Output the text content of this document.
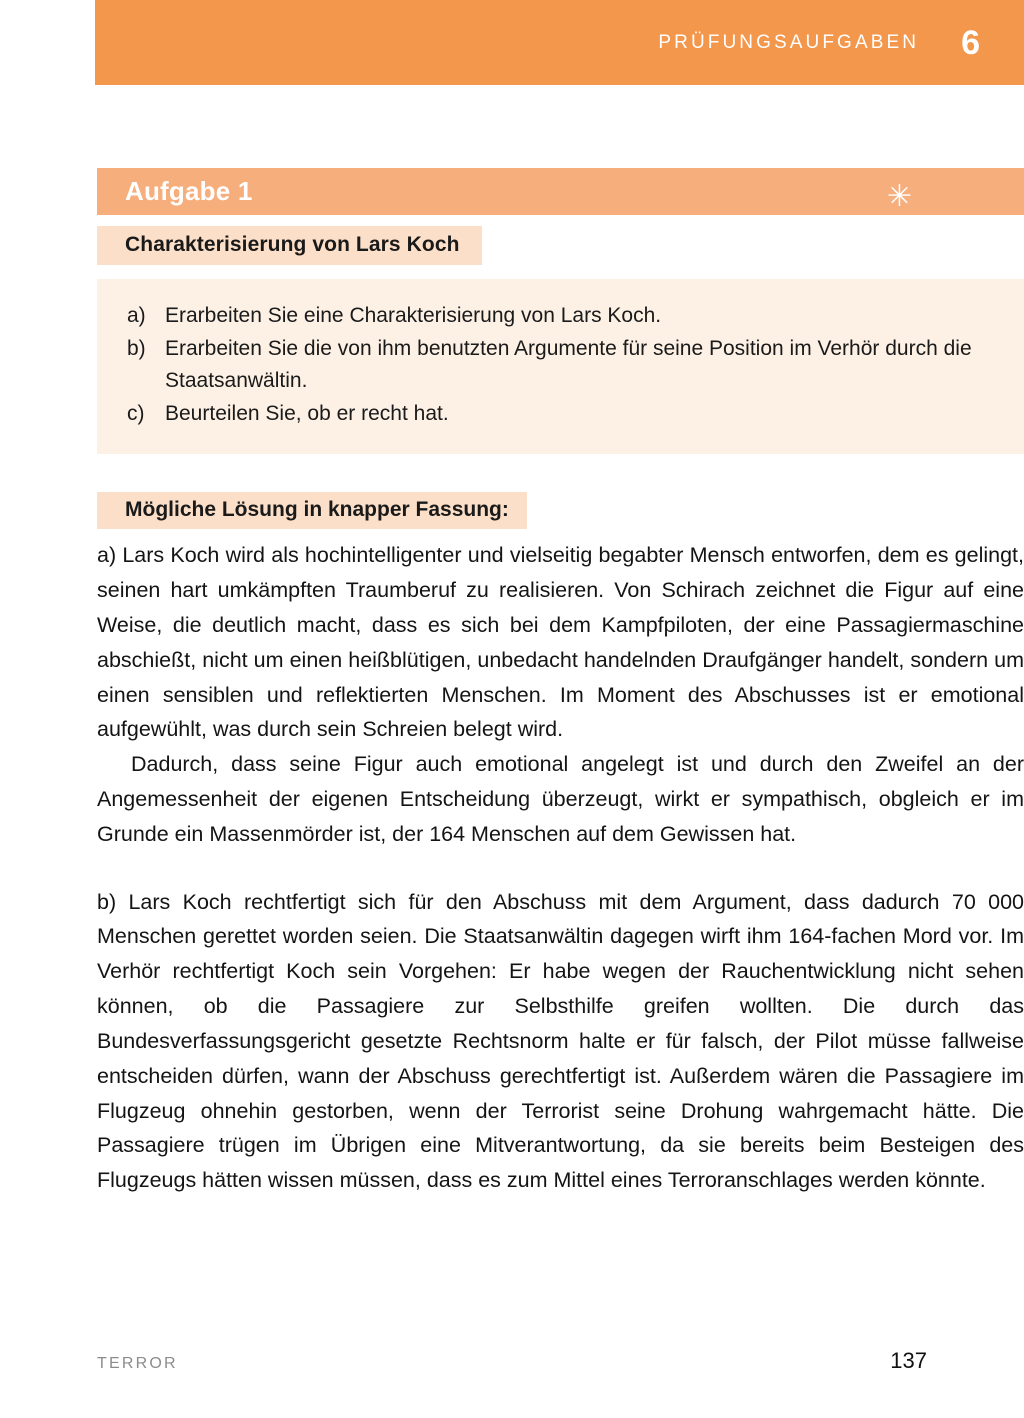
PRÜFUNGSAUFGABEN 6
Aufgabe 1	✳
Charakterisierung von Lars Koch
a) Erarbeiten Sie eine Charakterisierung von Lars Koch.
b) Erarbeiten Sie die von ihm benutzten Argumente für seine Position im Verhör durch die Staatsanwältin.
c) Beurteilen Sie, ob er recht hat.
Mögliche Lösung in knapper Fassung:

a) Lars Koch wird als hochintelligenter und vielseitig begabter Mensch entworfen, dem es gelingt, seinen hart umkämpften Traumberuf zu realisieren. Von Schirach zeichnet die Figur auf eine Weise, die deutlich macht, dass es sich bei dem Kampfpiloten, der eine Passagiermaschine abschießt, nicht um einen heißblütigen, unbedacht handelnden Draufgänger handelt, sondern um einen sensiblen und reflektierten Menschen. Im Moment des Abschusses ist er emotional aufgewühlt, was durch sein Schreien belegt wird.

Dadurch, dass seine Figur auch emotional angelegt ist und durch den Zweifel an der Angemessenheit der eigenen Entscheidung überzeugt, wirkt er sympathisch, obgleich er im Grunde ein Massenmörder ist, der 164 Menschen auf dem Gewissen hat.

b) Lars Koch rechtfertigt sich für den Abschuss mit dem Argument, dass dadurch 70 000 Menschen gerettet worden seien. Die Staatsanwältin dagegen wirft ihm 164-fachen Mord vor. Im Verhör rechtfertigt Koch sein Vorgehen: Er habe wegen der Rauchentwicklung nicht sehen können, ob die Passagiere zur Selbsthilfe greifen wollten. Die durch das Bundesverfassungsgericht gesetzte Rechtsnorm halte er für falsch, der Pilot müsse fallweise entscheiden dürfen, wann der Abschuss gerechtfertigt ist. Außerdem wären die Passagiere im Flugzeug ohnehin gestorben, wenn der Terrorist seine Drohung wahrgemacht hätte. Die Passagiere trügen im Übrigen eine Mitverantwortung, da sie bereits beim Besteigen des Flugzeugs hätten wissen müssen, dass es zum Mittel eines Terroranschlages werden könnte.

TERROR	137
